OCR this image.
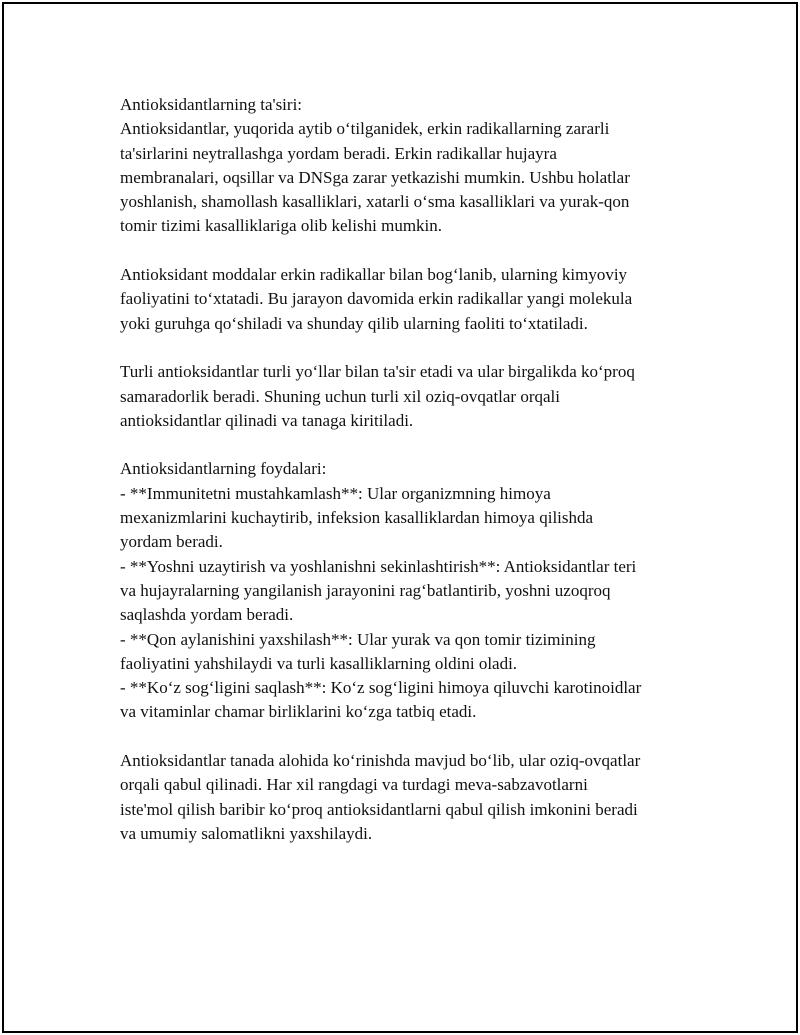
Antioksidantlarning ta'siri:
Antioksidantlar, yuqorida aytib o‘tilganidek, erkin radikallarning zararli
ta'sirlarini neytrallashga yordam beradi. Erkin radikallar hujayra
membranalari, oqsillar va DNSga zarar yetkazishi mumkin. Ushbu holatlar
yoshlanish, shamollash kasalliklari, xatarli o‘sma kasalliklari va yurak-qon
tomir tizimi kasalliklariga olib kelishi mumkin.
Antioksidant moddalar erkin radikallar bilan bog‘lanib, ularning kimyoviy
faoliyatini to‘xtatadi. Bu jarayon davomida erkin radikallar yangi molekula
yoki guruhga qo‘shiladi va shunday qilib ularning faoliti to‘xtatiladi.
Turli antioksidantlar turli yo‘llar bilan ta'sir etadi va ular birgalikda ko‘proq
samaradorlik beradi. Shuning uchun turli xil oziq-ovqatlar orqali
antioksidantlar qilinadi va tanaga kiritiladi.
Antioksidantlarning foydalari:
- **Immunitetni mustahkamlash**: Ular organizmning himoya
mexanizmlarini kuchaytirib, infeksion kasalliklardan himoya qilishda
yordam beradi.
- **Yoshni uzaytirish va yoshlanishni sekinlashtirish**: Antioksidantlar teri
va hujayralarning yangilanish jarayonini rag‘batlantirib, yoshni uzoqroq
saqlashda yordam beradi.
- **Qon aylanishini yaxshilash**: Ular yurak va qon tomir tizimining
faoliyatini yahshilaydi va turli kasalliklarning oldini oladi.
- **Ko‘z sog‘ligini saqlash**: Ko‘z sog‘ligini himoya qiluvchi karotinoidlar
va vitaminlar chamar birliklarini ko‘zga tatbiq etadi.
Antioksidantlar tanada alohida ko‘rinishda mavjud bo‘lib, ular oziq-ovqatlar
orqali qabul qilinadi. Har xil rangdagi va turdagi meva-sabzavotlarni
iste'mol qilish baribir ko‘proq antioksidantlarni qabul qilish imkonini beradi
va umumiy salomatlikni yaxshilaydi.
